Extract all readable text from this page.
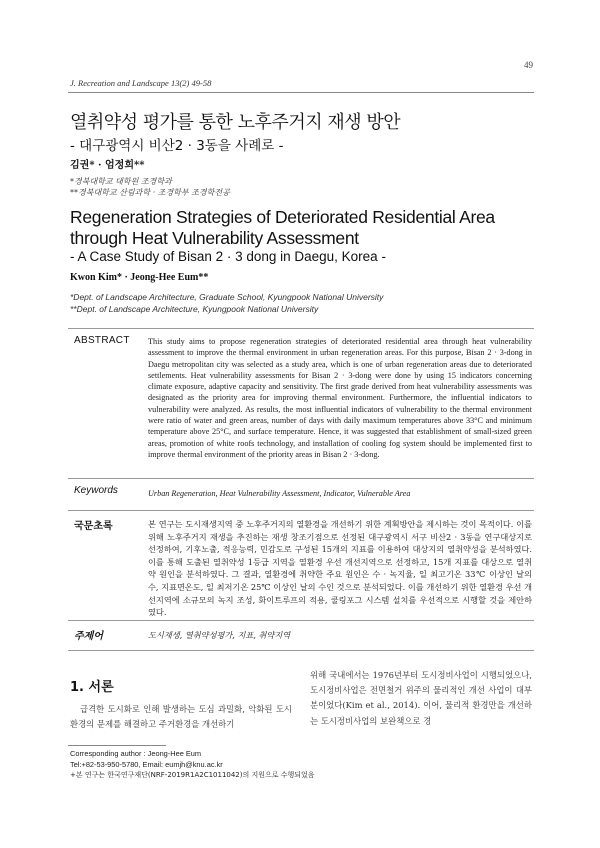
49
J. Recreation and Landscape 13(2) 49-58
열취약성 평가를 통한 노후주거지 재생 방안
- 대구광역시 비산2 · 3동을 사례로 -
김권* · 엄정희**
*경북대학교 대학원 조경학과
**경북대학교 산림과학 · 조경학부 조경학전공
Regeneration Strategies of Deteriorated Residential Area through Heat Vulnerability Assessment
- A Case Study of Bisan 2 · 3 dong in Daegu, Korea -
Kwon Kim* · Jeong-Hee Eum**
*Dept. of Landscape Architecture, Graduate School, Kyungpook National University
**Dept. of Landscape Architecture, Kyungpook National University
ABSTRACT This study aims to propose regeneration strategies of deteriorated residential area through heat vulnerability assessment to improve the thermal environment in urban regeneration areas. For this purpose, Bisan 2 · 3-dong in Daegu metropolitan city was selected as a study area, which is one of urban regeneration areas due to deteriorated settlements. Heat vulnerability assessments for Bisan 2 · 3-dong were done by using 15 indicators concerning climate exposure, adaptive capacity and sensitivity. The first grade derived from heat vulnerability assessments was designated as the priority area for improving thermal environment. Furthermore, the influential indicators to vulnerability were analyzed. As results, the most influential indicators of vulnerability to the thermal environment were ratio of water and green areas, number of days with daily maximum temperatures above 33°C and minimum temperature above 25°C, and surface temperature. Hence, it was suggested that establishment of small-sized green areas, promotion of white roofs technology, and installation of cooling fog system should be implemented first to improve thermal environment of the priority areas in Bisan 2 · 3-dong.
Keywords	Urban Regeneration, Heat Vulnerability Assessment, Indicator, Vulnerable Area
국문초록	본 연구는 도시재생지역 중 노후주거지의 열환경을 개선하기 위한 계획방안을 제시하는 것이 목적이다. 이를 위해 노후주거지 재생을 추진하는 재생 창조기점으로 선정된 대구광역시 서구 비산2 · 3동을 연구대상지로 선정하여, 기후노출, 적응능력, 민감도로 구성된 15개의 지표를 이용하여 대상지의 열취약성을 분석하였다. 이를 통해 도출된 열취약성 1등급 지역을 열환경 우선 개선지역으로 선정하고, 15개 지표를 대상으로 열취약 원인을 분석하였다. 그 결과, 열환경에 취약한 주요 원인은 수 · 녹지율, 일 최고기온 33℃ 이상인 날의 수, 지표면온도, 일 최저기온 25℃ 이상인 날의 수인 것으로 분석되었다. 이를 개선하기 위한 열환경 우선 개선지역에 소규모의 녹지 조성, 화이트루프의 적용, 쿨링포그 시스템 설치를 우선적으로 시행할 것을 제안하였다.
주제어	도시재생, 열취약성평가, 지표, 취약지역
1. 서론

급격한 도시화로 인해 발생하는 도심 과밀화, 악화된 도시환경의 문제를 해결하고 주거환경을 개선하기

위해 국내에서는 1976년부터 도시정비사업이 시행되었으나, 도시정비사업은 전면철거 위주의 물리적인 개선 사업이 대부분이었다(Kim et al., 2014). 이어, 물리적 환경만을 개선하는 도시정비사업의 보완책으로 경

Corresponding author : Jeong-Hee Eum
Tel:+82-53-950-5780, Email: eumjh@knu.ac.kr
+본 연구는 한국연구재단(NRF-2019R1A2C1011042)의 지원으로 수행되었음
